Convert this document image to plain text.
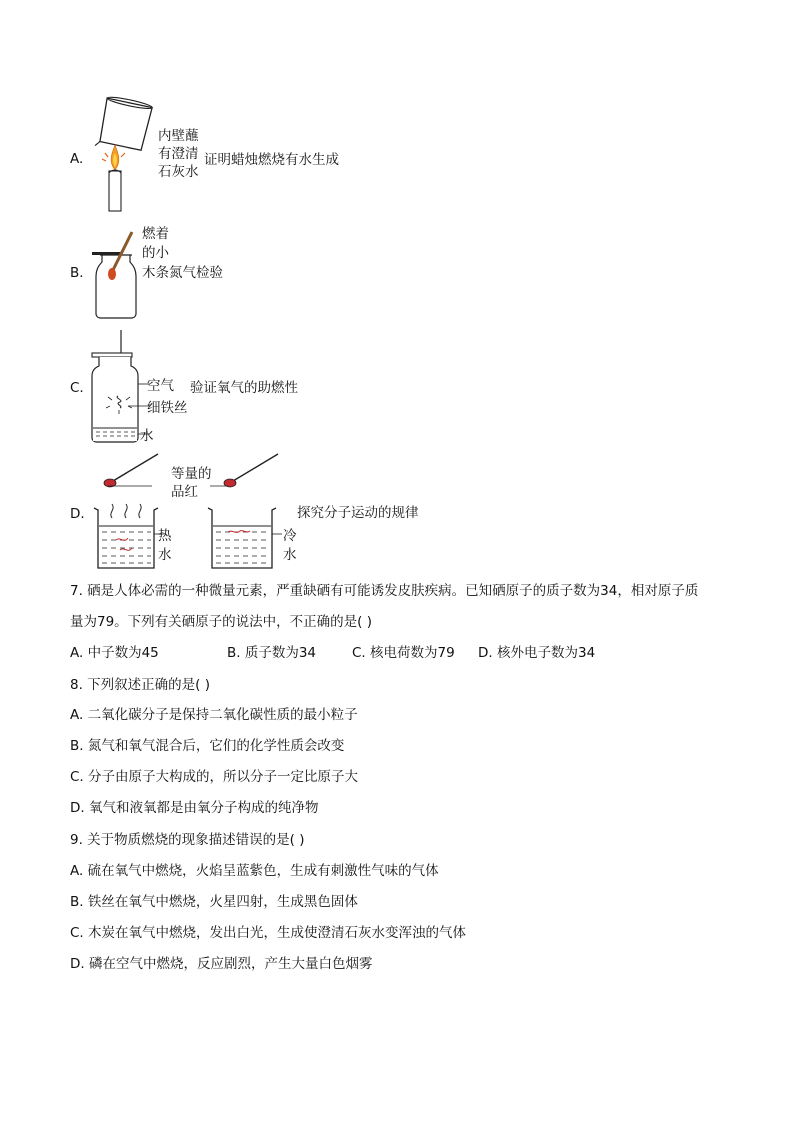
A.
内壁蘸
有澄清
石灰水
证明蜡烛燃烧有水生成
B.
燃着
的小
木条氮气检验
C.	空气 验证氧气的助燃性
细铁丝
水
D.
等量的
品红
探究分子运动的规律
热
水
冷
水
7. 硒是人体必需的一种微量元素，严重缺硒有可能诱发皮肤疾病。已知硒原子的质子数为34，相对原子质
量为79。下列有关硒原子的说法中，不正确的是( )
A. 中子数为45	B. 质子数为34	C. 核电荷数为79 D. 核外电子数为34
8. 下列叙述正确的是( )
A. 二氧化碳分子是保持二氧化碳性质的最小粒子
B. 氮气和氧气混合后，它们的化学性质会改变
C. 分子由原子大构成的，所以分子一定比原子大
D. 氧气和液氧都是由氧分子构成的纯净物
9. 关于物质燃烧的现象描述错误的是( )
A. 硫在氧气中燃烧，火焰呈蓝紫色，生成有刺激性气味的气体
B. 铁丝在氧气中燃烧，火星四射，生成黑色固体
C. 木炭在氧气中燃烧，发出白光，生成使澄清石灰水变浑浊的气体
D. 磷在空气中燃烧，反应剧烈，产生大量白色烟雾
